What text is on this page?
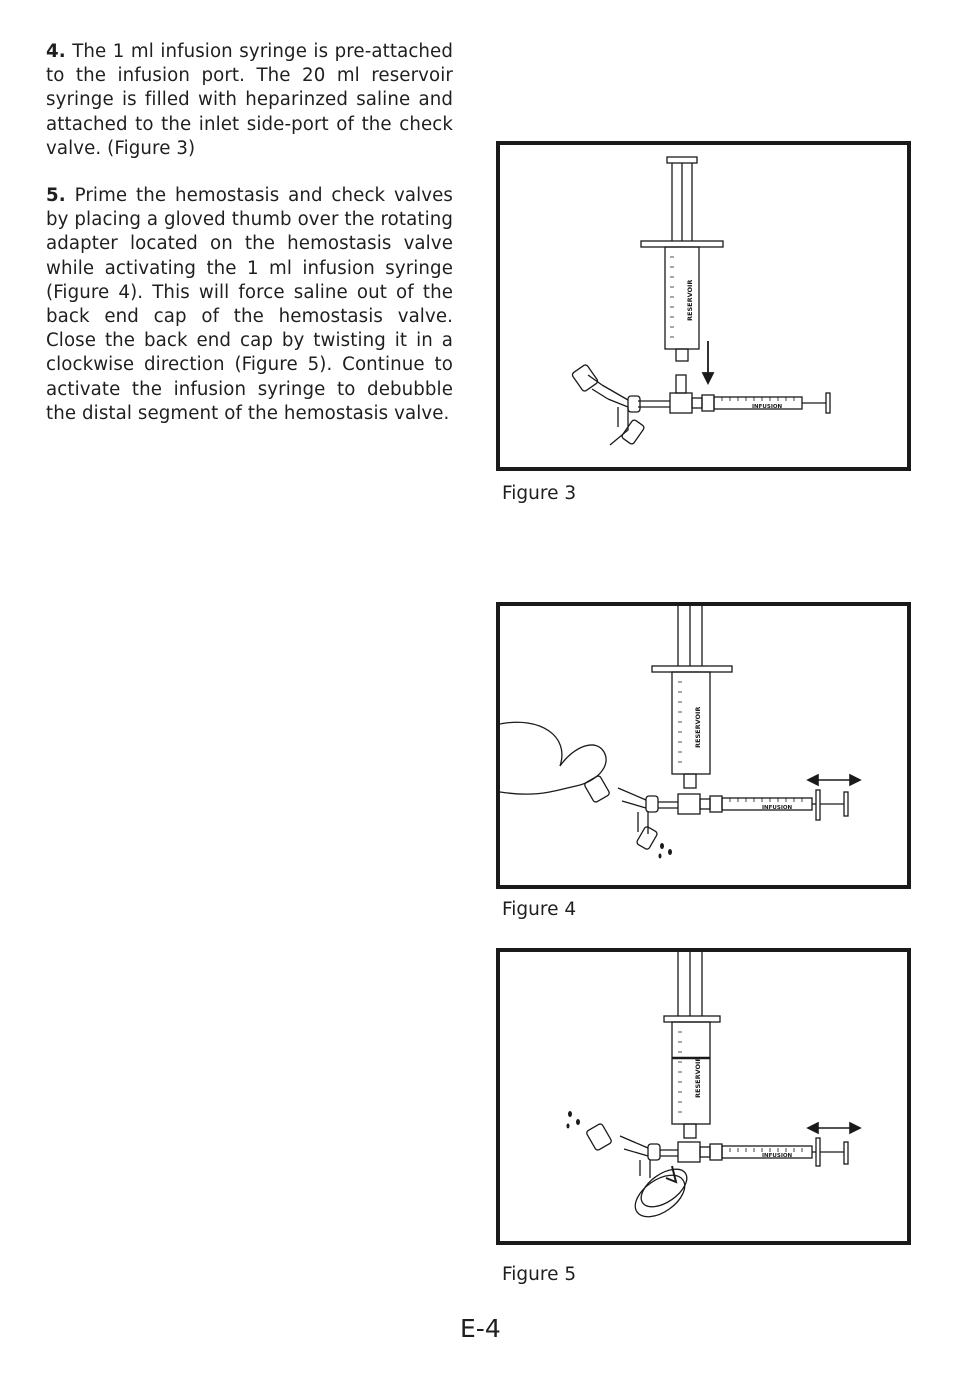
4. The 1 ml infusion syringe is pre-attached to the infusion port. The 20 ml reservoir syringe is filled with heparinzed saline and attached to the inlet side-port of the check valve. (Figure 3)

5. Prime the hemostasis and check valves by placing a gloved thumb over the rotating adapter located on the hemostasis valve while activating the 1 ml infusion syringe (Figure 4). This will force saline out of the back end cap of the hemostasis valve. Close the back end cap by twisting it in a clockwise direction (Figure 5). Continue to activate the infusion syringe to debubble the distal segment of the hemostasis valve.

RESERVOIR
INFUSION
Figure 3
RESERVOIR
INFUSION
Figure 4
RESERVOIR
INFUSION
Figure 5
E-4
